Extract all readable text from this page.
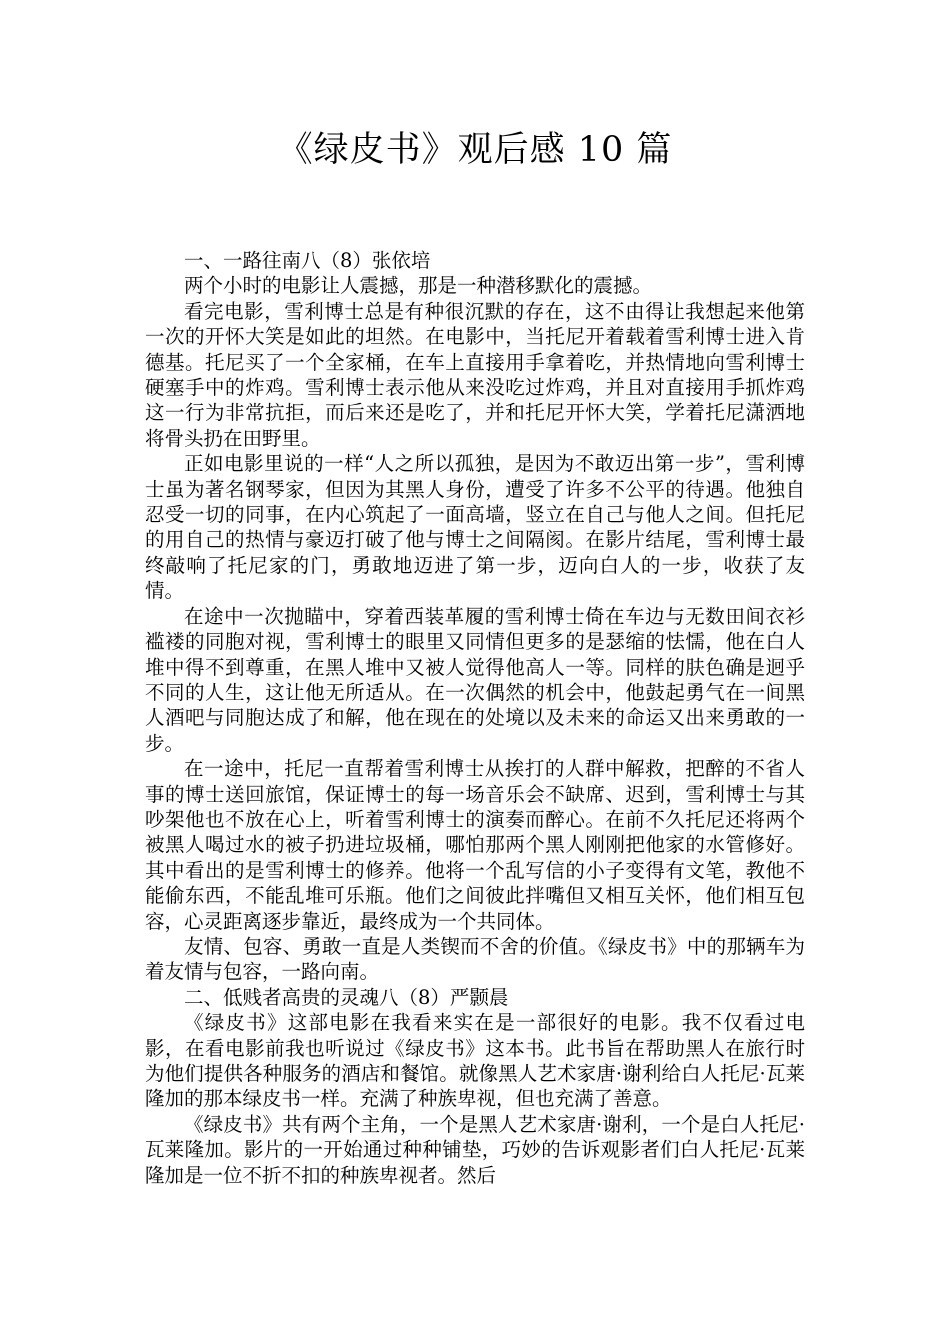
《绿皮书》观后感 10 篇

一、一路往南八（8）张依培

两个小时的电影让人震撼，那是一种潜移默化的震撼。

看完电影，雪利博士总是有种很沉默的存在，这不由得让我想起来他第一次的开怀大笑是如此的坦然。在电影中，当托尼开着载着雪利博士进入肯德基。托尼买了一个全家桶，在车上直接用手拿着吃，并热情地向雪利博士硬塞手中的炸鸡。雪利博士表示他从来没吃过炸鸡，并且对直接用手抓炸鸡这一行为非常抗拒，而后来还是吃了，并和托尼开怀大笑，学着托尼潇洒地将骨头扔在田野里。

正如电影里说的一样“人之所以孤独，是因为不敢迈出第一步”，雪利博士虽为著名钢琴家，但因为其黑人身份，遭受了许多不公平的待遇。他独自忍受一切的同事，在内心筑起了一面高墙，竖立在自己与他人之间。但托尼的用自己的热情与豪迈打破了他与博士之间隔阂。在影片结尾，雪利博士最终敲响了托尼家的门，勇敢地迈进了第一步，迈向白人的一步，收获了友情。

在途中一次抛瞄中，穿着西装革履的雪利博士倚在车边与无数田间衣衫褴褛的同胞对视，雪利博士的眼里又同情但更多的是瑟缩的怯懦，他在白人堆中得不到尊重，在黑人堆中又被人觉得他高人一等。同样的肤色确是迥乎不同的人生，这让他无所适从。在一次偶然的机会中，他鼓起勇气在一间黑人酒吧与同胞达成了和解，他在现在的处境以及未来的命运又出来勇敢的一步。

在一途中，托尼一直帮着雪利博士从挨打的人群中解救，把醉的不省人事的博士送回旅馆，保证博士的每一场音乐会不缺席、迟到，雪利博士与其吵架他也不放在心上，听着雪利博士的演奏而醉心。在前不久托尼还将两个被黑人喝过水的被子扔进垃圾桶，哪怕那两个黑人刚刚把他家的水管修好。其中看出的是雪利博士的修养。他将一个乱写信的小子变得有文笔，教他不能偷东西，不能乱堆可乐瓶。他们之间彼此拌嘴但又相互关怀，他们相互包容，心灵距离逐步靠近，最终成为一个共同体。

友情、包容、勇敢一直是人类锲而不舍的价值。《绿皮书》中的那辆车为着友情与包容，一路向南。

二、低贱者高贵的灵魂八（8）严颢晨

《绿皮书》这部电影在我看来实在是一部很好的电影。我不仅看过电影，在看电影前我也听说过《绿皮书》这本书。此书旨在帮助黑人在旅行时为他们提供各种服务的酒店和餐馆。就像黑人艺术家唐·谢利给白人托尼·瓦莱隆加的那本绿皮书一样。充满了种族卑视，但也充满了善意。

《绿皮书》共有两个主角，一个是黑人艺术家唐·谢利，一个是白人托尼·瓦莱隆加。影片的一开始通过种种铺垫，巧妙的告诉观影者们白人托尼·瓦莱隆加是一位不折不扣的种族卑视者。然后
